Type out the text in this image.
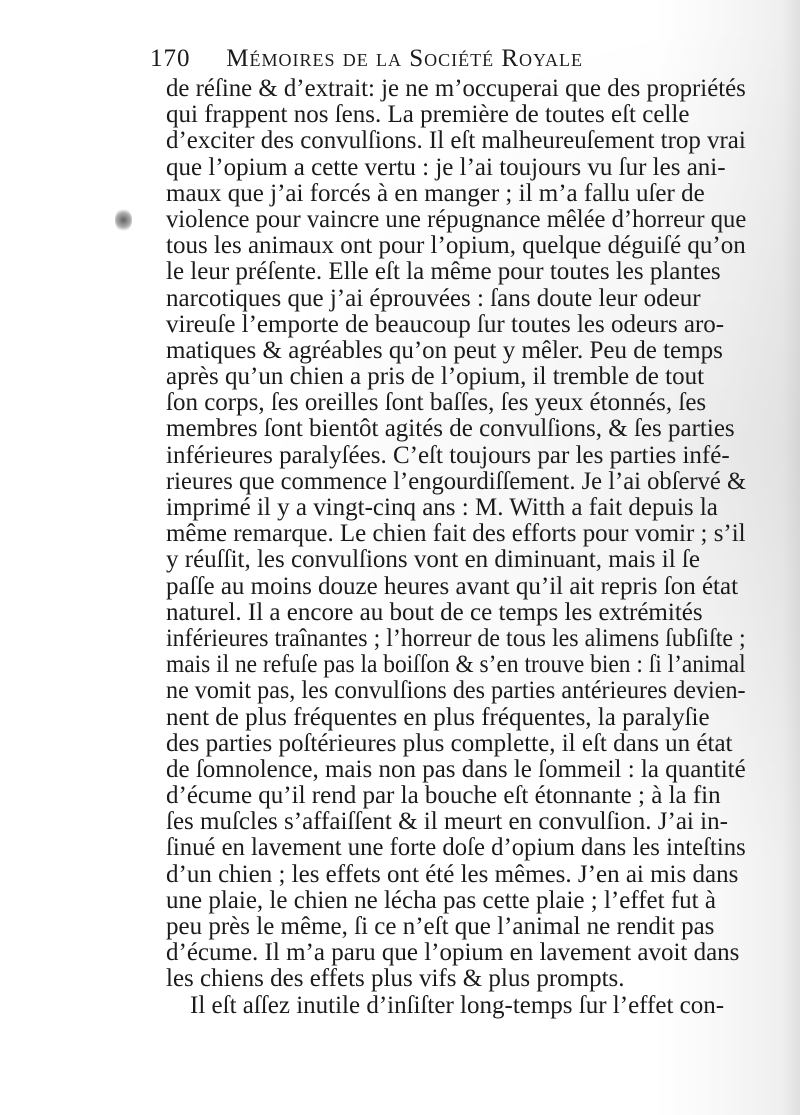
170 Mémoires de la Société Royale
de réſine & d’extrait: je ne m’occuperai que des propriétés
qui frappent nos ſens. La première de toutes eſt celle
d’exciter des convulſions. Il eſt malheureuſement trop vrai
que l’opium a cette vertu : je l’ai toujours vu ſur les ani-
maux que j’ai forcés à en manger ; il m’a fallu uſer de
violence pour vaincre une répugnance mêlée d’horreur que
tous les animaux ont pour l’opium, quelque déguiſé qu’on
le leur préſente. Elle eſt la même pour toutes les plantes
narcotiques que j’ai éprouvées : ſans doute leur odeur
vireuſe l’emporte de beaucoup ſur toutes les odeurs aro-
matiques & agréables qu’on peut y mêler. Peu de temps
après qu’un chien a pris de l’opium, il tremble de tout
ſon corps, ſes oreilles ſont baſſes, ſes yeux étonnés, ſes
membres ſont bientôt agités de convulſions, & ſes parties
inférieures paralyſées. C’eſt toujours par les parties infé-
rieures que commence l’engourdiſſement. Je l’ai obſervé &
imprimé il y a vingt-cinq ans : M. Witth a fait depuis la
même remarque. Le chien fait des efforts pour vomir ; s’il
y réuſſit, les convulſions vont en diminuant, mais il ſe
paſſe au moins douze heures avant qu’il ait repris ſon état
naturel. Il a encore au bout de ce temps les extrémités
inférieures traînantes ; l’horreur de tous les alimens ſubſiſte ;
mais il ne refuſe pas la boiſſon & s’en trouve bien : ſi l’animal
ne vomit pas, les convulſions des parties antérieures devien-
nent de plus fréquentes en plus fréquentes, la paralyſie
des parties poſtérieures plus complette, il eſt dans un état
de ſomnolence, mais non pas dans le ſommeil : la quantité
d’écume qu’il rend par la bouche eſt étonnante ; à la fin
ſes muſcles s’affaiſſent & il meurt en convulſion. J’ai in-
ſinué en lavement une forte doſe d’opium dans les inteſtins
d’un chien ; les effets ont été les mêmes. J’en ai mis dans
une plaie, le chien ne lécha pas cette plaie ; l’effet fut à
peu près le même, ſi ce n’eſt que l’animal ne rendit pas
d’écume. Il m’a paru que l’opium en lavement avoit dans
les chiens des effets plus vifs & plus prompts.
Il eſt aſſez inutile d’inſiſter long-temps ſur l’effet con-
